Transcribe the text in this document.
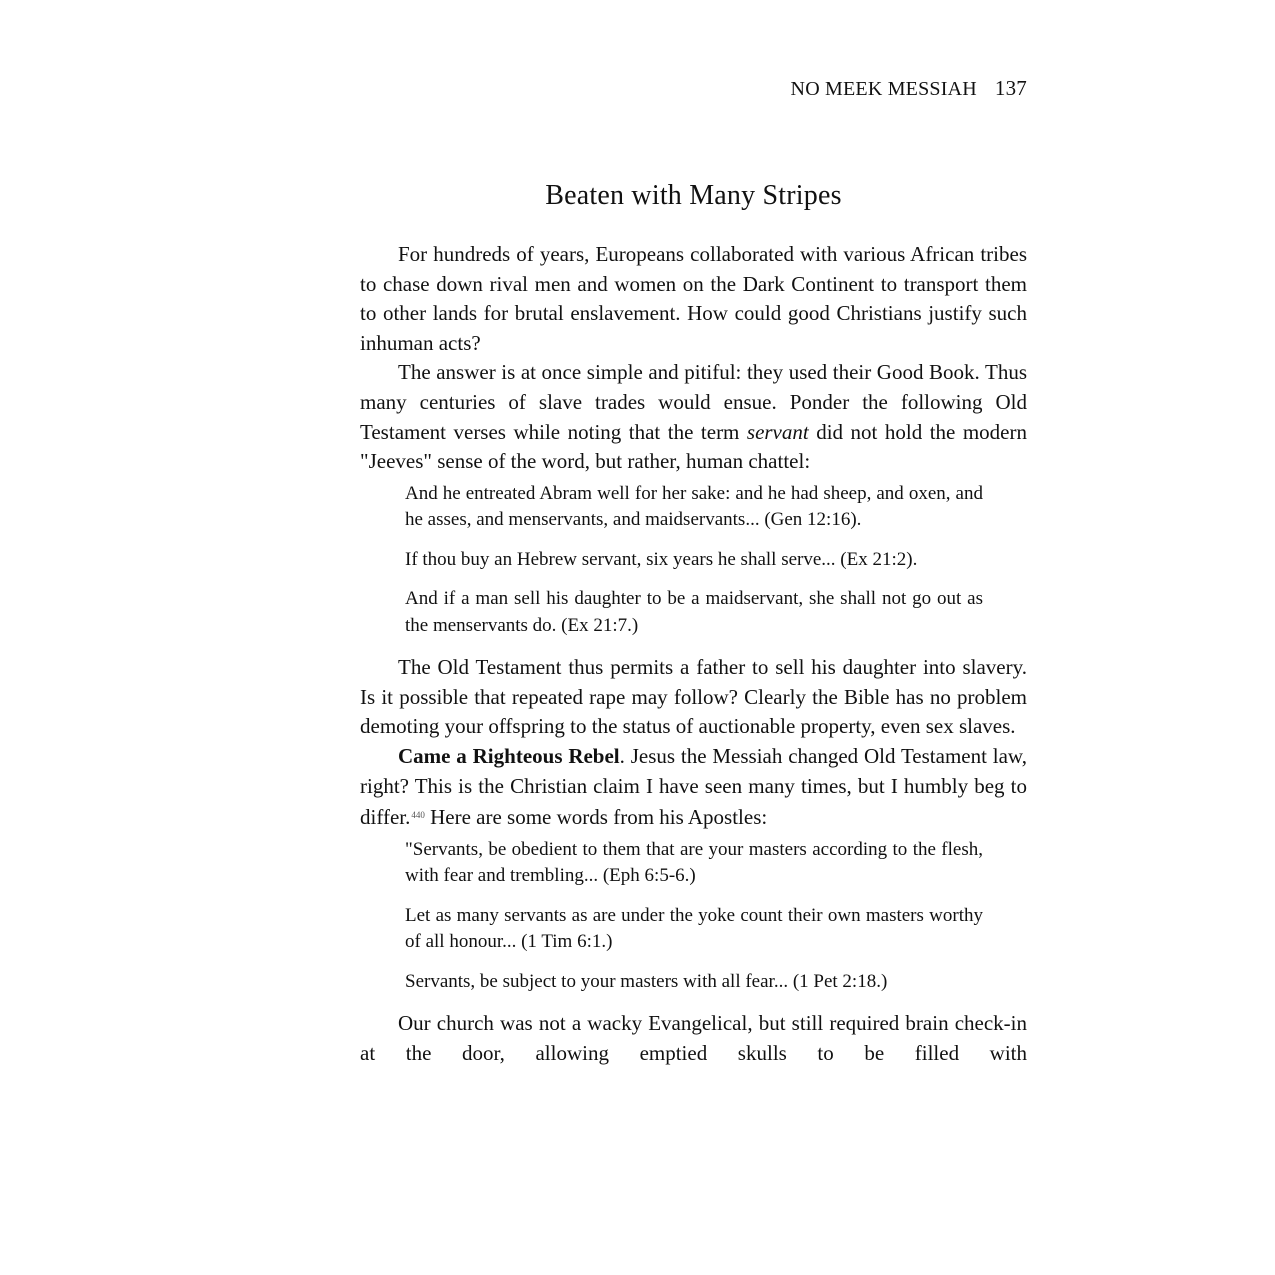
NO MEEK MESSIAH 137
Beaten with Many Stripes

For hundreds of years, Europeans collaborated with various African tribes to chase down rival men and women on the Dark Continent to transport them to other lands for brutal enslavement. How could good Christians justify such inhuman acts?

The answer is at once simple and pitiful: they used their Good Book. Thus many centuries of slave trades would ensue. Ponder the following Old Testament verses while noting that the term servant did not hold the modern "Jeeves" sense of the word, but rather, human chattel:

And he entreated Abram well for her sake: and he had sheep, and oxen, and he asses, and menservants, and maidservants... (Gen 12:16).

If thou buy an Hebrew servant, six years he shall serve... (Ex 21:2).

And if a man sell his daughter to be a maidservant, she shall not go out as the menservants do. (Ex 21:7.)

The Old Testament thus permits a father to sell his daughter into slavery. Is it possible that repeated rape may follow? Clearly the Bible has no problem demoting your offspring to the status of auctionable property, even sex slaves.

Came a Righteous Rebel. Jesus the Messiah changed Old Testament law, right? This is the Christian claim I have seen many times, but I humbly beg to differ.$^{440}$ Here are some words from his Apostles:

"Servants, be obedient to them that are your masters according to the flesh, with fear and trembling... (Eph 6:5-6.)

Let as many servants as are under the yoke count their own masters worthy of all honour... (1 Tim 6:1.)

Servants, be subject to your masters with all fear... (1 Pet 2:18.)

Our church was not a wacky Evangelical, but still required brain check-in at the door, allowing emptied skulls to be filled with
